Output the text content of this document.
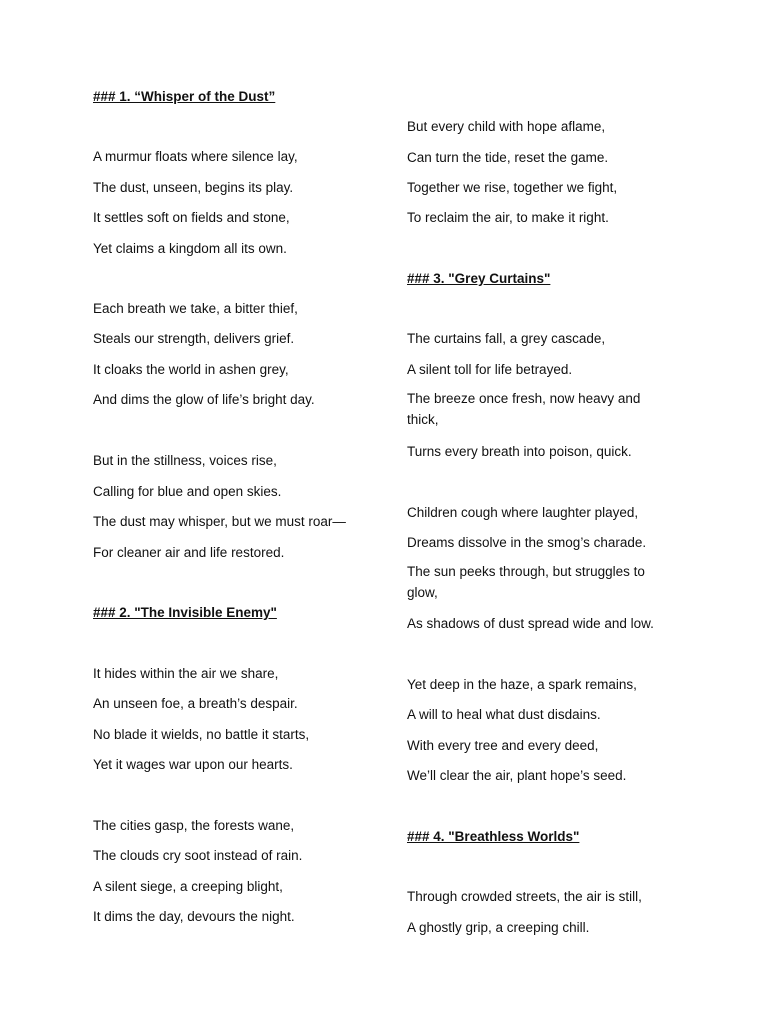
### 1. “Whisper of the Dust”
A murmur floats where silence lay,
The dust, unseen, begins its play.
It settles soft on fields and stone,
Yet claims a kingdom all its own.
Each breath we take, a bitter thief,
Steals our strength, delivers grief.
It cloaks the world in ashen grey,
And dims the glow of life’s bright day.
But in the stillness, voices rise,
Calling for blue and open skies.
The dust may whisper, but we must roar—
For cleaner air and life restored.
### 2. "The Invisible Enemy"
It hides within the air we share,
An unseen foe, a breath’s despair.
No blade it wields, no battle it starts,
Yet it wages war upon our hearts.
The cities gasp, the forests wane,
The clouds cry soot instead of rain.
A silent siege, a creeping blight,
It dims the day, devours the night.
But every child with hope aflame,
Can turn the tide, reset the game.
Together we rise, together we fight,
To reclaim the air, to make it right.
### 3. "Grey Curtains"
The curtains fall, a grey cascade,
A silent toll for life betrayed.
The breeze once fresh, now heavy and thick,
Turns every breath into poison, quick.
Children cough where laughter played,
Dreams dissolve in the smog’s charade.
The sun peeks through, but struggles to glow,
As shadows of dust spread wide and low.
Yet deep in the haze, a spark remains,
A will to heal what dust disdains.
With every tree and every deed,
We’ll clear the air, plant hope’s seed.
### 4. "Breathless Worlds"
Through crowded streets, the air is still,
A ghostly grip, a creeping chill.
